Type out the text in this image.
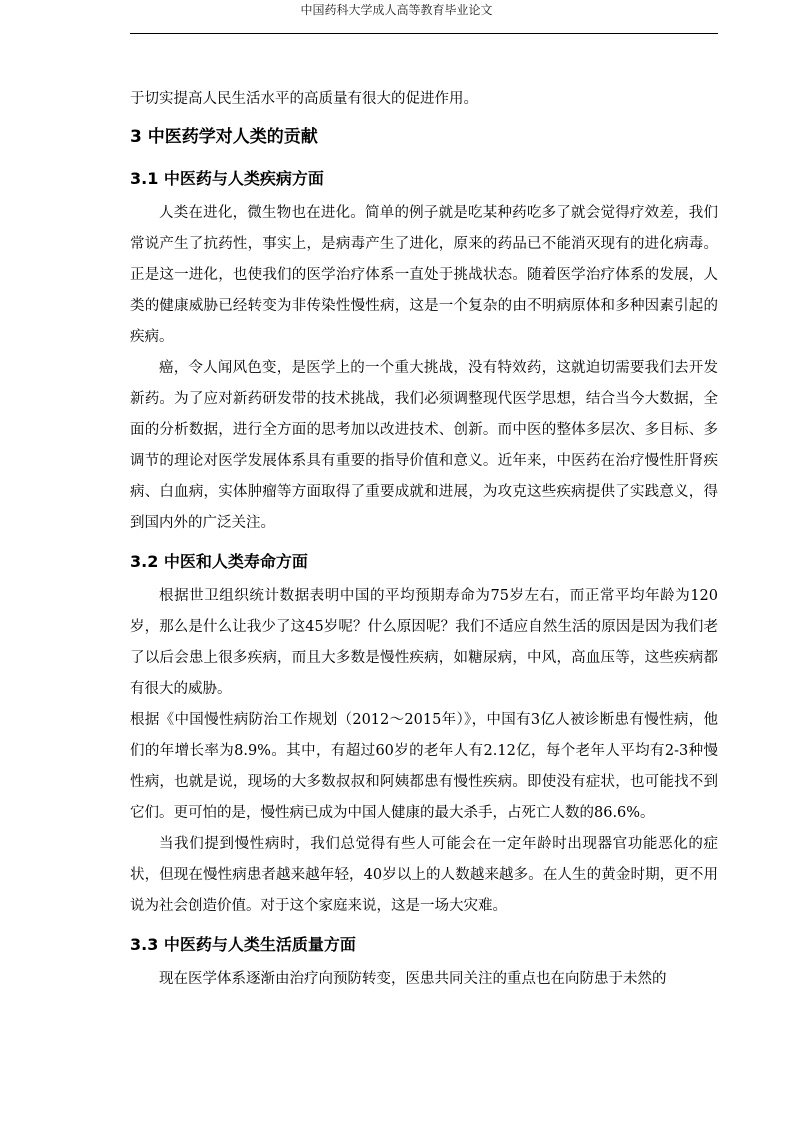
中国药科大学成人高等教育毕业论文

于切实提高人民生活水平的高质量有很大的促进作用。

3 中医药学对人类的贡献
3.1 中医药与人类疾病方面

人类在进化，微生物也在进化。简单的例子就是吃某种药吃多了就会觉得疗效差，我们常说产生了抗药性，事实上，是病毒产生了进化，原来的药品已不能消灭现有的进化病毒。正是这一进化，也使我们的医学治疗体系一直处于挑战状态。随着医学治疗体系的发展，人类的健康威胁已经转变为非传染性慢性病，这是一个复杂的由不明病原体和多种因素引起的疾病。

癌，令人闻风色变，是医学上的一个重大挑战，没有特效药，这就迫切需要我们去开发新药。为了应对新药研发带的技术挑战，我们必须调整现代医学思想，结合当今大数据，全面的分析数据，进行全方面的思考加以改进技术、创新。而中医的整体多层次、多目标、多调节的理论对医学发展体系具有重要的指导价值和意义。近年来，中医药在治疗慢性肝肾疾病、白血病，实体肿瘤等方面取得了重要成就和进展，为攻克这些疾病提供了实践意义，得到国内外的广泛关注。

3.2 中医和人类寿命方面

根据世卫组织统计数据表明中国的平均预期寿命为75岁左右，而正常平均年龄为120岁，那么是什么让我少了这45岁呢？什么原因呢？我们不适应自然生活的原因是因为我们老了以后会患上很多疾病，而且大多数是慢性疾病，如糖尿病，中风，高血压等，这些疾病都有很大的威胁。

根据《中国慢性病防治工作规划（2012～2015年）》，中国有3亿人被诊断患有慢性病，他们的年增长率为8.9%。其中，有超过60岁的老年人有2.12亿，每个老年人平均有2-3种慢性病，也就是说，现场的大多数叔叔和阿姨都患有慢性疾病。即使没有症状，也可能找不到它们。更可怕的是，慢性病已成为中国人健康的最大杀手，占死亡人数的86.6%。

当我们提到慢性病时，我们总觉得有些人可能会在一定年龄时出现器官功能恶化的症状，但现在慢性病患者越来越年轻，40岁以上的人数越来越多。在人生的黄金时期，更不用说为社会创造价值。对于这个家庭来说，这是一场大灾难。

3.3 中医药与人类生活质量方面

现在医学体系逐渐由治疗向预防转变，医患共同关注的重点也在向防患于未然的
